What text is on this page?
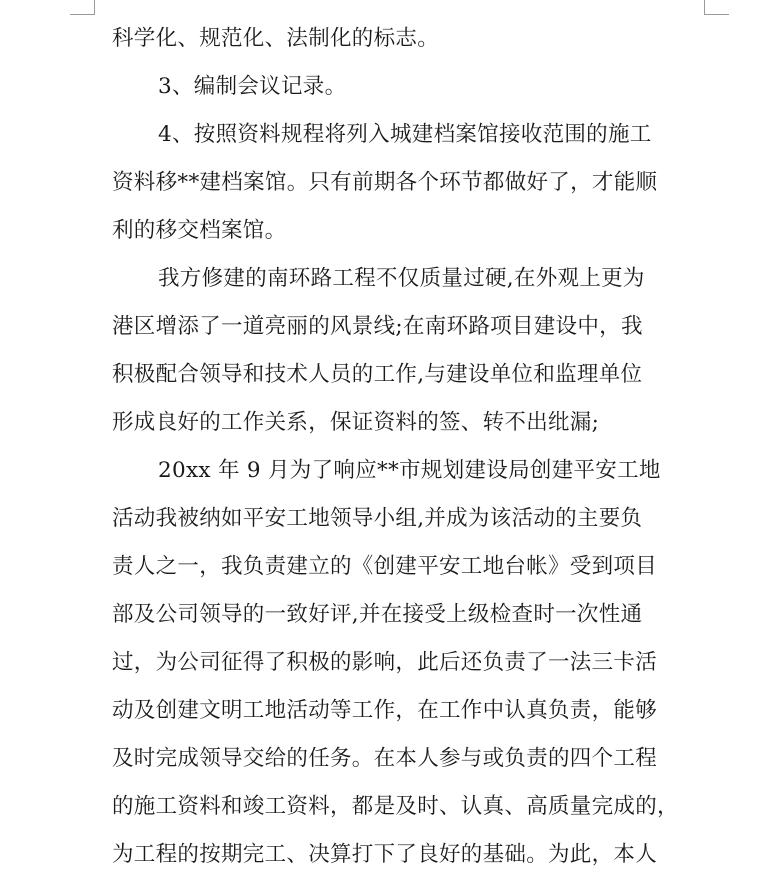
科学化、规范化、法制化的标志。
3、编制会议记录。
4、按照资料规程将列入城建档案馆接收范围的施工
资料移**建档案馆。只有前期各个环节都做好了，才能顺
利的移交档案馆。
我方修建的南环路工程不仅质量过硬,在外观上更为
港区增添了一道亮丽的风景线;在南环路项目建设中，我
积极配合领导和技术人员的工作,与建设单位和监理单位
形成良好的工作关系，保证资料的签、转不出纰漏;
20xx 年 9 月为了响应**市规划建设局创建平安工地
活动我被纳如平安工地领导小组,并成为该活动的主要负
责人之一，我负责建立的《创建平安工地台帐》受到项目
部及公司领导的一致好评,并在接受上级检查时一次性通
过，为公司征得了积极的影响，此后还负责了一法三卡活
动及创建文明工地活动等工作，在工作中认真负责，能够
及时完成领导交给的任务。在本人参与或负责的四个工程
的施工资料和竣工资料，都是及时、认真、高质量完成的，
为工程的按期完工、决算打下了良好的基础。为此，本人
